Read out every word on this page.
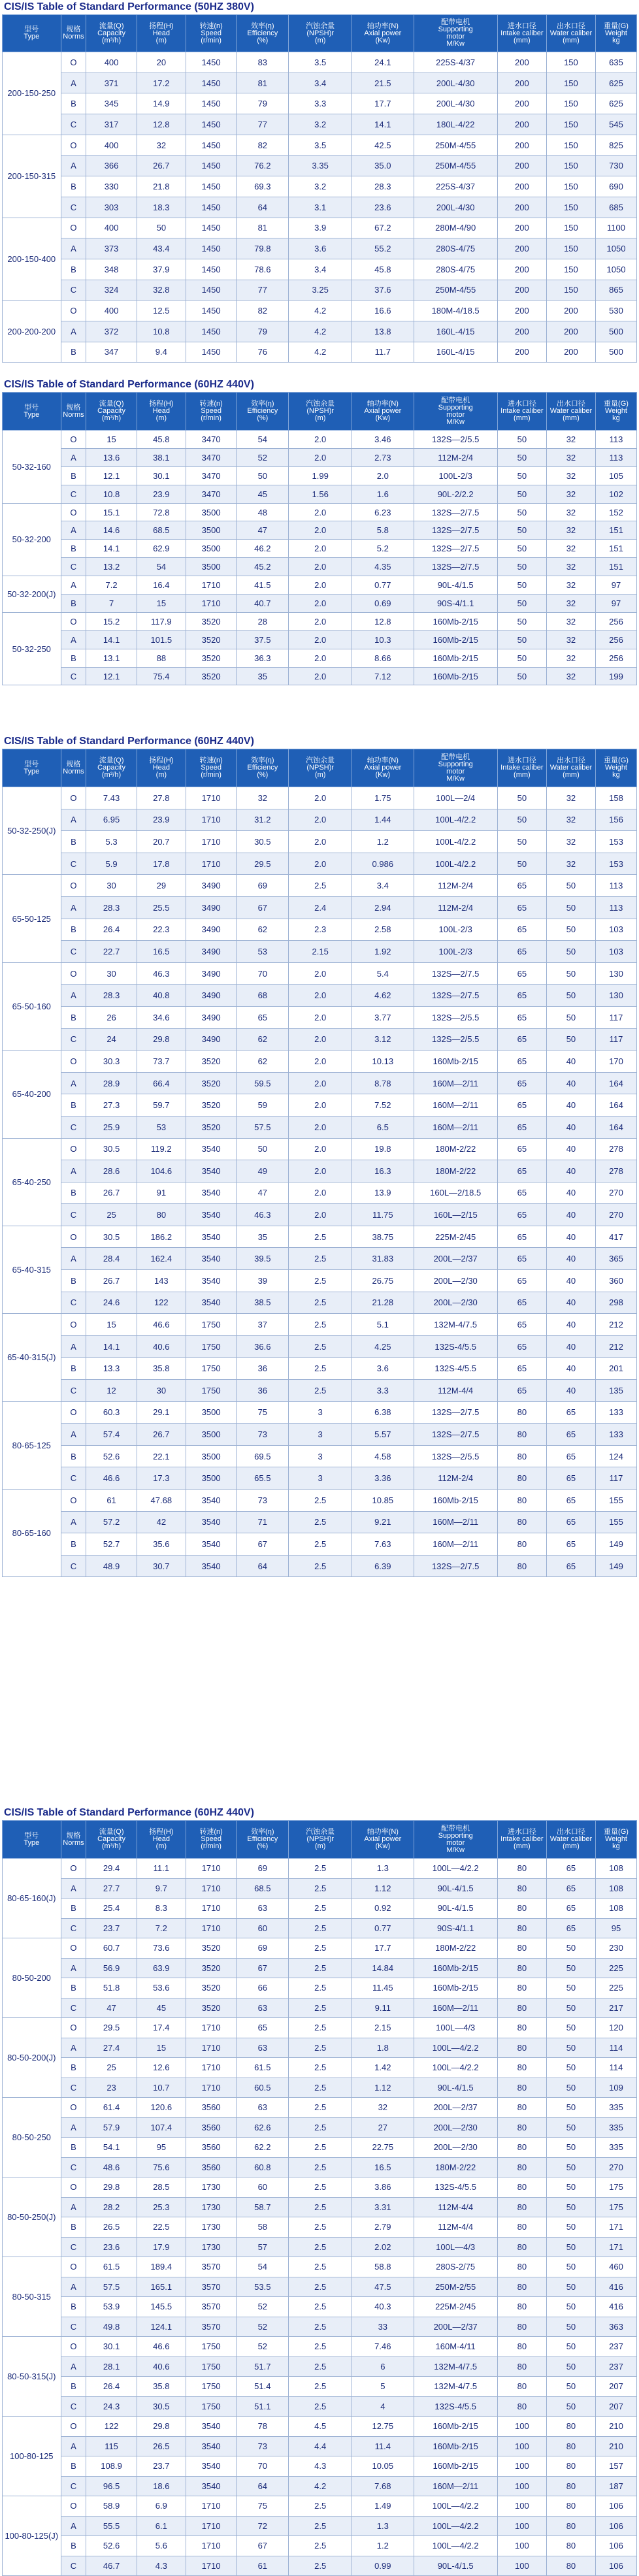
CIS/IS Table of Standard Performance (50HZ 380V)
型号
Type	规格
Norms	流量(Q)
Capacity
(m³/h)	扬程(H)
Head
(m)	转速(n)
Speed
(r/min)	效率(η)
Efficiency
(%)	汽蚀余量
(NPSH)r
(m)	轴功率(N)
Axial power
(Kw)	配带电机
Supporting
motor
M/Kw	进水口径
Intake caliber
(mm)	出水口径
Water caliber
(mm)	重量(G)
Weight
kg

200-150-250	O	400	20	1450	83	3.5	24.1	225S-4/37	200	150	635
	A	371	17.2	1450	81	3.4	21.5	200L-4/30	200	150	625
	B	345	14.9	1450	79	3.3	17.7	200L-4/30	200	150	625
	C	317	12.8	1450	77	3.2	14.1	180L-4/22	200	150	545
200-150-315	O	400	32	1450	82	3.5	42.5	250M-4/55	200	150	825
	A	366	26.7	1450	76.2	3.35	35.0	250M-4/55	200	150	730
	B	330	21.8	1450	69.3	3.2	28.3	225S-4/37	200	150	690
	C	303	18.3	1450	64	3.1	23.6	200L-4/30	200	150	685
200-150-400	O	400	50	1450	81	3.9	67.2	280M-4/90	200	150	1100
	A	373	43.4	1450	79.8	3.6	55.2	280S-4/75	200	150	1050
	B	348	37.9	1450	78.6	3.4	45.8	280S-4/75	200	150	1050
	C	324	32.8	1450	77	3.25	37.6	250M-4/55	200	150	865
200-200-200	O	400	12.5	1450	82	4.2	16.6	180M-4/18.5	200	200	530
	A	372	10.8	1450	79	4.2	13.8	160L-4/15	200	200	500
	B	347	9.4	1450	76	4.2	11.7	160L-4/15	200	200	500
CIS/IS Table of Standard Performance (60HZ 440V)
型号
Type	规格
Norms	流量(Q)
Capacity
(m³/h)	扬程(H)
Head
(m)	转速(n)
Speed
(r/min)	效率(η)
Efficiency
(%)	汽蚀余量
(NPSH)r
(m)	轴功率(N)
Axial power
(Kw)	配带电机
Supporting
motor
M/Kw	进水口径
Intake caliber
(mm)	出水口径
Water caliber
(mm)	重量(G)
Weight
kg

50-32-160	O	15	45.8	3470	54	2.0	3.46	132S—2/5.5	50	32	113
	A	13.6	38.1	3470	52	2.0	2.73	112M-2/4	50	32	113
	B	12.1	30.1	3470	50	1.99	2.0	100L-2/3	50	32	105
	C	10.8	23.9	3470	45	1.56	1.6	90L-2/2.2	50	32	102
50-32-200	O	15.1	72.8	3500	48	2.0	6.23	132S—2/7.5	50	32	152
	A	14.6	68.5	3500	47	2.0	5.8	132S—2/7.5	50	32	151
	B	14.1	62.9	3500	46.2	2.0	5.2	132S—2/7.5	50	32	151
	C	13.2	54	3500	45.2	2.0	4.35	132S—2/7.5	50	32	151
50-32-200(J)	A	7.2	16.4	1710	41.5	2.0	0.77	90L-4/1.5	50	32	97
	B	7	15	1710	40.7	2.0	0.69	90S-4/1.1	50	32	97
50-32-250	O	15.2	117.9	3520	28	2.0	12.8	160Mb-2/15	50	32	256
	A	14.1	101.5	3520	37.5	2.0	10.3	160Mb-2/15	50	32	256
	B	13.1	88	3520	36.3	2.0	8.66	160Mb-2/15	50	32	256
	C	12.1	75.4	3520	35	2.0	7.12	160Mb-2/15	50	32	199
CIS/IS Table of Standard Performance (60HZ 440V)
型号
Type	规格
Norms	流量(Q)
Capacity
(m³/h)	扬程(H)
Head
(m)	转速(n)
Speed
(r/min)	效率(η)
Efficiency
(%)	汽蚀余量
(NPSH)r
(m)	轴功率(N)
Axial power
(Kw)	配带电机
Supporting
motor
M/Kw	进水口径
Intake caliber
(mm)	出水口径
Water caliber
(mm)	重量(G)
Weight
kg

50-32-250(J)	O	7.43	27.8	1710	32	2.0	1.75	100L—2/4	50	32	158
	A	6.95	23.9	1710	31.2	2.0	1.44	100L-4/2.2	50	32	156
	B	5.3	20.7	1710	30.5	2.0	1.2	100L-4/2.2	50	32	153
	C	5.9	17.8	1710	29.5	2.0	0.986	100L-4/2.2	50	32	153
65-50-125	O	30	29	3490	69	2.5	3.4	112M-2/4	65	50	113
	A	28.3	25.5	3490	67	2.4	2.94	112M-2/4	65	50	113
	B	26.4	22.3	3490	62	2.3	2.58	100L-2/3	65	50	103
	C	22.7	16.5	3490	53	2.15	1.92	100L-2/3	65	50	103
65-50-160	O	30	46.3	3490	70	2.0	5.4	132S—2/7.5	65	50	130
	A	28.3	40.8	3490	68	2.0	4.62	132S—2/7.5	65	50	130
	B	26	34.6	3490	65	2.0	3.77	132S—2/5.5	65	50	117
	C	24	29.8	3490	62	2.0	3.12	132S—2/5.5	65	50	117
65-40-200	O	30.3	73.7	3520	62	2.0	10.13	160Mb-2/15	65	40	170
	A	28.9	66.4	3520	59.5	2.0	8.78	160M—2/11	65	40	164
	B	27.3	59.7	3520	59	2.0	7.52	160M—2/11	65	40	164
	C	25.9	53	3520	57.5	2.0	6.5	160M—2/11	65	40	164
65-40-250	O	30.5	119.2	3540	50	2.0	19.8	180M-2/22	65	40	278
	A	28.6	104.6	3540	49	2.0	16.3	180M-2/22	65	40	278
	B	26.7	91	3540	47	2.0	13.9	160L—2/18.5	65	40	270
	C	25	80	3540	46.3	2.0	11.75	160L—2/15	65	40	270
65-40-315	O	30.5	186.2	3540	35	2.5	38.75	225M-2/45	65	40	417
	A	28.4	162.4	3540	39.5	2.5	31.83	200L—2/37	65	40	365
	B	26.7	143	3540	39	2.5	26.75	200L—2/30	65	40	360
	C	24.6	122	3540	38.5	2.5	21.28	200L—2/30	65	40	298
65-40-315(J)	O	15	46.6	1750	37	2.5	5.1	132M-4/7.5	65	40	212
	A	14.1	40.6	1750	36.6	2.5	4.25	132S-4/5.5	65	40	212
	B	13.3	35.8	1750	36	2.5	3.6	132S-4/5.5	65	40	201
	C	12	30	1750	36	2.5	3.3	112M-4/4	65	40	135
80-65-125	O	60.3	29.1	3500	75	3	6.38	132S—2/7.5	80	65	133
	A	57.4	26.7	3500	73	3	5.57	132S—2/7.5	80	65	133
	B	52.6	22.1	3500	69.5	3	4.58	132S—2/5.5	80	65	124
	C	46.6	17.3	3500	65.5	3	3.36	112M-2/4	80	65	117
80-65-160	O	61	47.68	3540	73	2.5	10.85	160Mb-2/15	80	65	155
	A	57.2	42	3540	71	2.5	9.21	160M—2/11	80	65	155
	B	52.7	35.6	3540	67	2.5	7.63	160M—2/11	80	65	149
	C	48.9	30.7	3540	64	2.5	6.39	132S—2/7.5	80	65	149
CIS/IS Table of Standard Performance (60HZ 440V)
型号
Type	规格
Norms	流量(Q)
Capacity
(m³/h)	扬程(H)
Head
(m)	转速(n)
Speed
(r/min)	效率(η)
Efficiency
(%)	汽蚀余量
(NPSH)r
(m)	轴功率(N)
Axial power
(Kw)	配带电机
Supporting
motor
M/Kw	进水口径
Intake caliber
(mm)	出水口径
Water caliber
(mm)	重量(G)
Weight
kg

80-65-160(J)	O	29.4	11.1	1710	69	2.5	1.3	100L—4/2.2	80	65	108
	A	27.7	9.7	1710	68.5	2.5	1.12	90L-4/1.5	80	65	108
	B	25.4	8.3	1710	63	2.5	0.92	90L-4/1.5	80	65	108
	C	23.7	7.2	1710	60	2.5	0.77	90S-4/1.1	80	65	95
80-50-200	O	60.7	73.6	3520	69	2.5	17.7	180M-2/22	80	50	230
	A	56.9	63.9	3520	67	2.5	14.84	160Mb-2/15	80	50	225
	B	51.8	53.6	3520	66	2.5	11.45	160Mb-2/15	80	50	225
	C	47	45	3520	63	2.5	9.11	160M—2/11	80	50	217
80-50-200(J)	O	29.5	17.4	1710	65	2.5	2.15	100L—4/3	80	50	120
	A	27.4	15	1710	63	2.5	1.8	100L—4/2.2	80	50	114
	B	25	12.6	1710	61.5	2.5	1.42	100L—4/2.2	80	50	114
	C	23	10.7	1710	60.5	2.5	1.12	90L-4/1.5	80	50	109
80-50-250	O	61.4	120.6	3560	63	2.5	32	200L—2/37	80	50	335
	A	57.9	107.4	3560	62.6	2.5	27	200L—2/30	80	50	335
	B	54.1	95	3560	62.2	2.5	22.75	200L—2/30	80	50	335
	C	48.6	75.6	3560	60.8	2.5	16.5	180M-2/22	80	50	270
80-50-250(J)	O	29.8	28.5	1730	60	2.5	3.86	132S-4/5.5	80	50	175
	A	28.2	25.3	1730	58.7	2.5	3.31	112M-4/4	80	50	175
	B	26.5	22.5	1730	58	2.5	2.79	112M-4/4	80	50	171
	C	23.6	17.9	1730	57	2.5	2.02	100L—4/3	80	50	171
80-50-315	O	61.5	189.4	3570	54	2.5	58.8	280S-2/75	80	50	460
	A	57.5	165.1	3570	53.5	2.5	47.5	250M-2/55	80	50	416
	B	53.9	145.5	3570	52	2.5	40.3	225M-2/45	80	50	416
	C	49.8	124.1	3570	52	2.5	33	200L—2/37	80	50	363
80-50-315(J)	O	30.1	46.6	1750	52	2.5	7.46	160M-4/11	80	50	237
	A	28.1	40.6	1750	51.7	2.5	6	132M-4/7.5	80	50	237
	B	26.4	35.8	1750	51.4	2.5	5	132M-4/7.5	80	50	207
	C	24.3	30.5	1750	51.1	2.5	4	132S-4/5.5	80	50	207
100-80-125	O	122	29.8	3540	78	4.5	12.75	160Mb-2/15	100	80	210
	A	115	26.5	3540	73	4.4	11.4	160Mb-2/15	100	80	210
	B	108.9	23.7	3540	70	4.3	10.05	160Mb-2/15	100	80	157
	C	96.5	18.6	3540	64	4.2	7.68	160M—2/11	100	80	187
100-80-125(J)	O	58.9	6.9	1710	75	2.5	1.49	100L—4/2.2	100	80	106
	A	55.5	6.1	1710	72	2.5	1.3	100L—4/2.2	100	80	106
	B	52.6	5.6	1710	67	2.5	1.2	100L—4/2.2	100	80	106
	C	46.7	4.3	1710	61	2.5	0.99	90L-4/1.5	100	80	106
